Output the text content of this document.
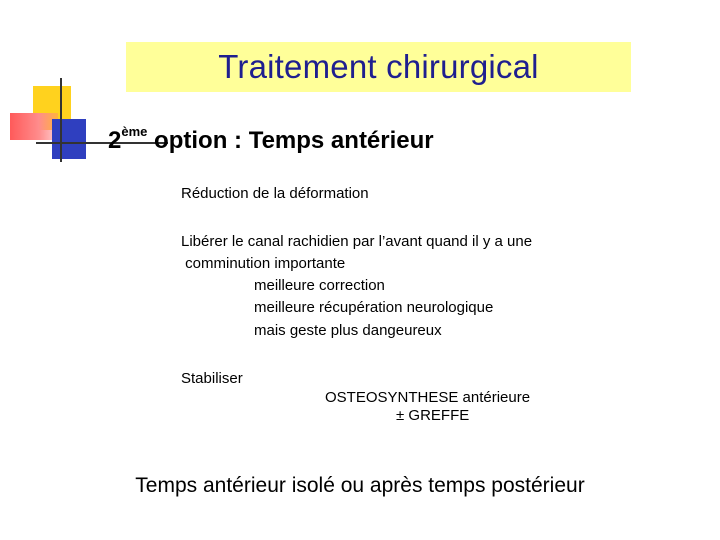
Traitement chirurgical
2ème option : Temps antérieur
Réduction de la déformation
Libérer le canal rachidien par l’avant quand il y a une
comminution importante
meilleure correction
meilleure récupération neurologique
mais geste plus dangeureux
Stabiliser
OSTEOSYNTHESE antérieure
± GREFFE
Temps antérieur isolé ou après temps postérieur
